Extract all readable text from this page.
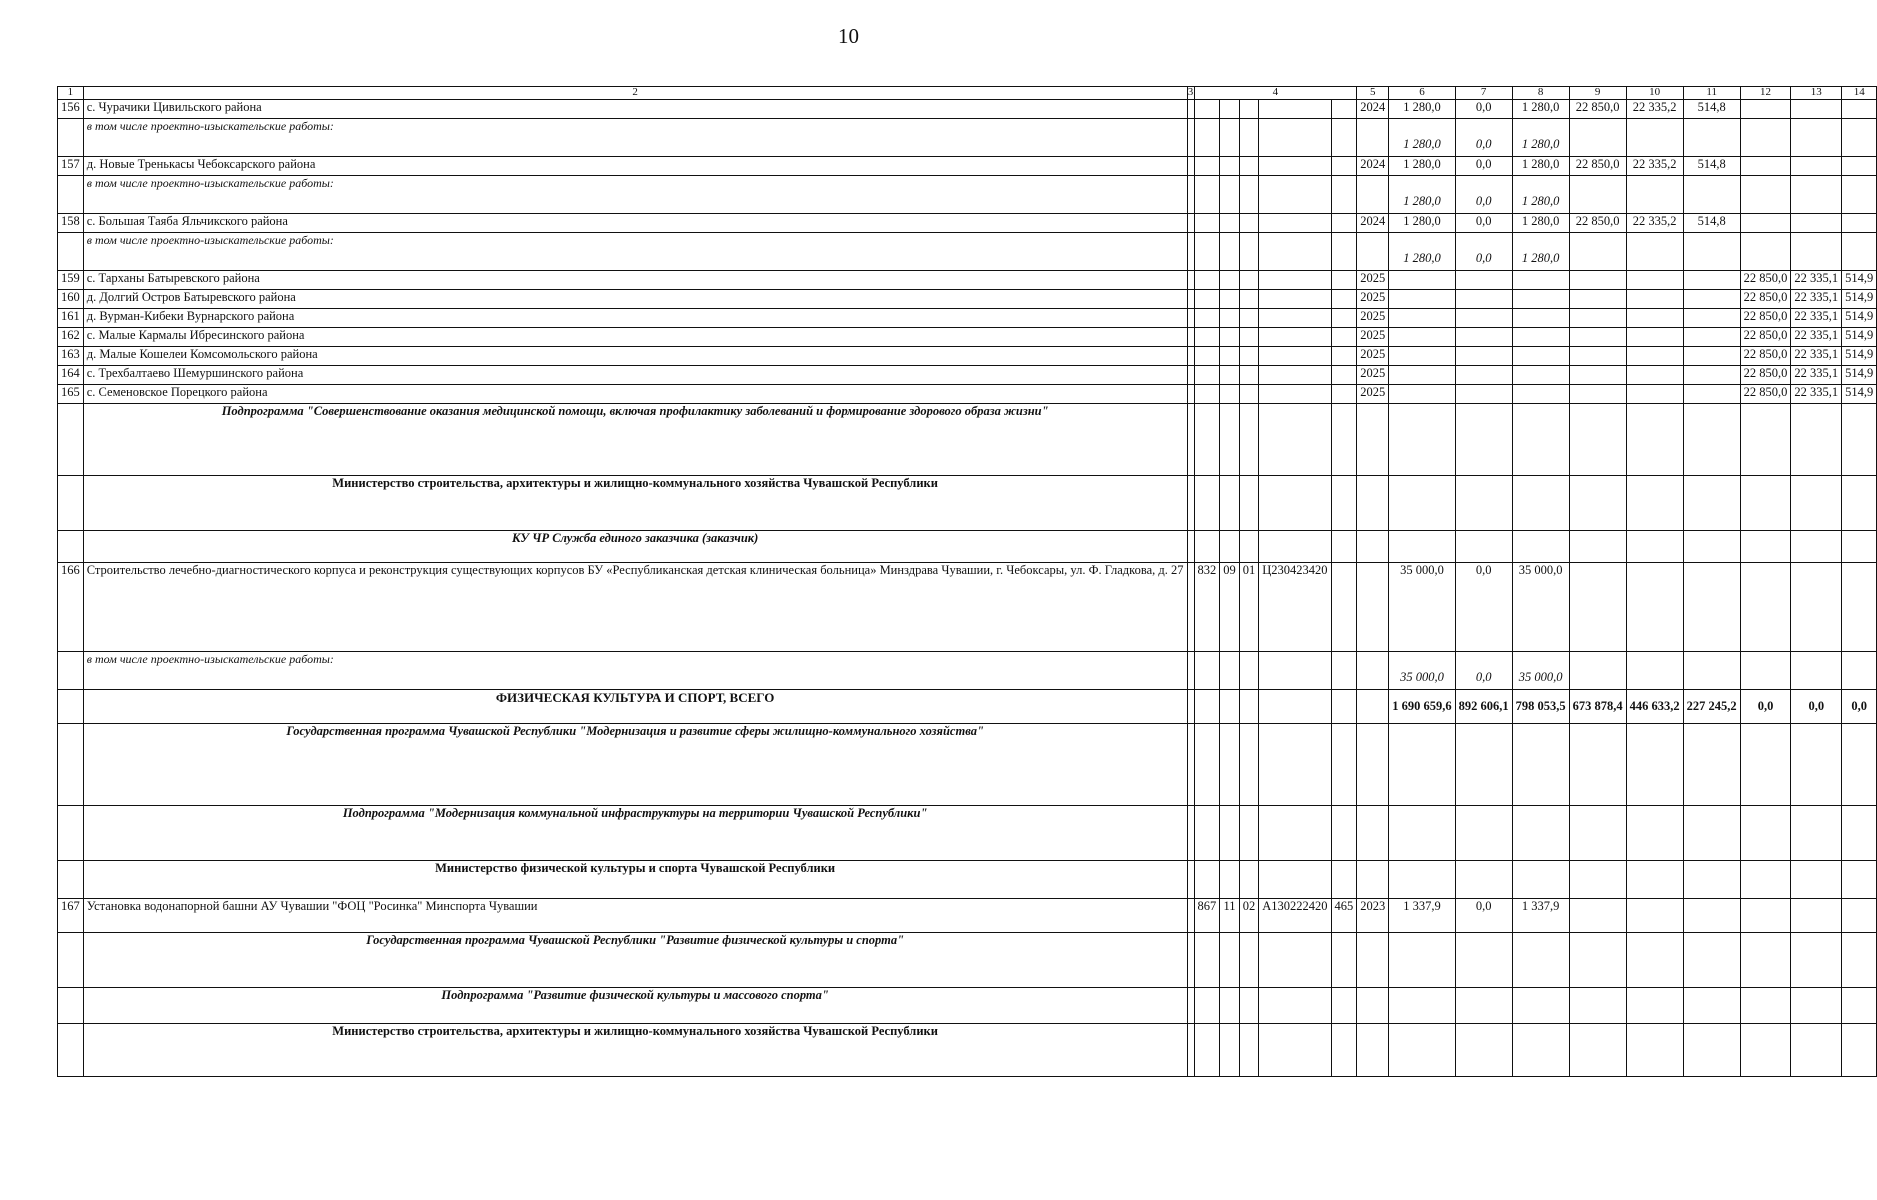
10
1	2	3	4					5	6	7	8	9	10	11	12	13	14
156	с. Чурачики Цивильского района							2024	1 280,0	0,0	1 280,0	22 850,0	22 335,2	514,8			
	в том числе проектно-изыскательские работы:								1 280,0	0,0	1 280,0						
157	д. Новые Тренькасы Чебоксарского района							2024	1 280,0	0,0	1 280,0	22 850,0	22 335,2	514,8			
	в том числе проектно-изыскательские работы:								1 280,0	0,0	1 280,0						
158	с. Большая Таяба Яльчикского района							2024	1 280,0	0,0	1 280,0	22 850,0	22 335,2	514,8			
	в том числе проектно-изыскательские работы:								1 280,0	0,0	1 280,0						
159	с. Тарханы Батыревского района							2025							22 850,0	22 335,1	514,9
160	д. Долгий Остров Батыревского района							2025							22 850,0	22 335,1	514,9
161	д. Вурман-Кибеки Вурнарского района							2025							22 850,0	22 335,1	514,9
162	с. Малые Кармалы Ибресинского района							2025							22 850,0	22 335,1	514,9
163	д. Малые Кошелеи Комсомольского района							2025							22 850,0	22 335,1	514,9
164	с. Трехбалтаево Шемуршинского района							2025							22 850,0	22 335,1	514,9
165	с. Семеновское Порецкого района							2025							22 850,0	22 335,1	514,9
	Подпрограмма "Совершенствование оказания медицинской помощи, включая профилактику заболеваний и формирование здорового образа жизни"																
	Министерство строительства, архитектуры и жилищно-коммунального хозяйства Чувашской Республики																
	КУ ЧР Служба единого заказчика (заказчик)																
166	Строительство лечебно-диагностического корпуса и реконструкция существующих корпусов БУ «Республиканская детская клиническая больница» Минздрава Чувашии, г. Чебоксары, ул. Ф. Гладкова, д. 27		832	09	01	Ц230423420			35 000,0	0,0	35 000,0						
	в том числе проектно-изыскательские работы:								35 000,0	0,0	35 000,0						
	ФИЗИЧЕСКАЯ КУЛЬТУРА И СПОРТ, ВСЕГО								1 690 659,6	892 606,1	798 053,5	673 878,4	446 633,2	227 245,2	0,0	0,0	0,0
	Государственная программа Чувашской Республики "Модернизация и развитие сферы жилищно-коммунального хозяйства"																
	Подпрограмма "Модернизация коммунальной инфраструктуры на территории Чувашской Республики"																
	Министерство физической культуры и спорта Чувашской Республики																
167	Установка водонапорной башни АУ Чувашии "ФОЦ "Росинка" Минспорта Чувашии		867	11	02	А130222420	465	2023	1 337,9	0,0	1 337,9						
	Государственная программа Чувашской Республики "Развитие физической культуры и спорта"																
	Подпрограмма "Развитие физической культуры и массового спорта"																
	Министерство строительства, архитектуры и жилищно-коммунального хозяйства Чувашской Республики																
